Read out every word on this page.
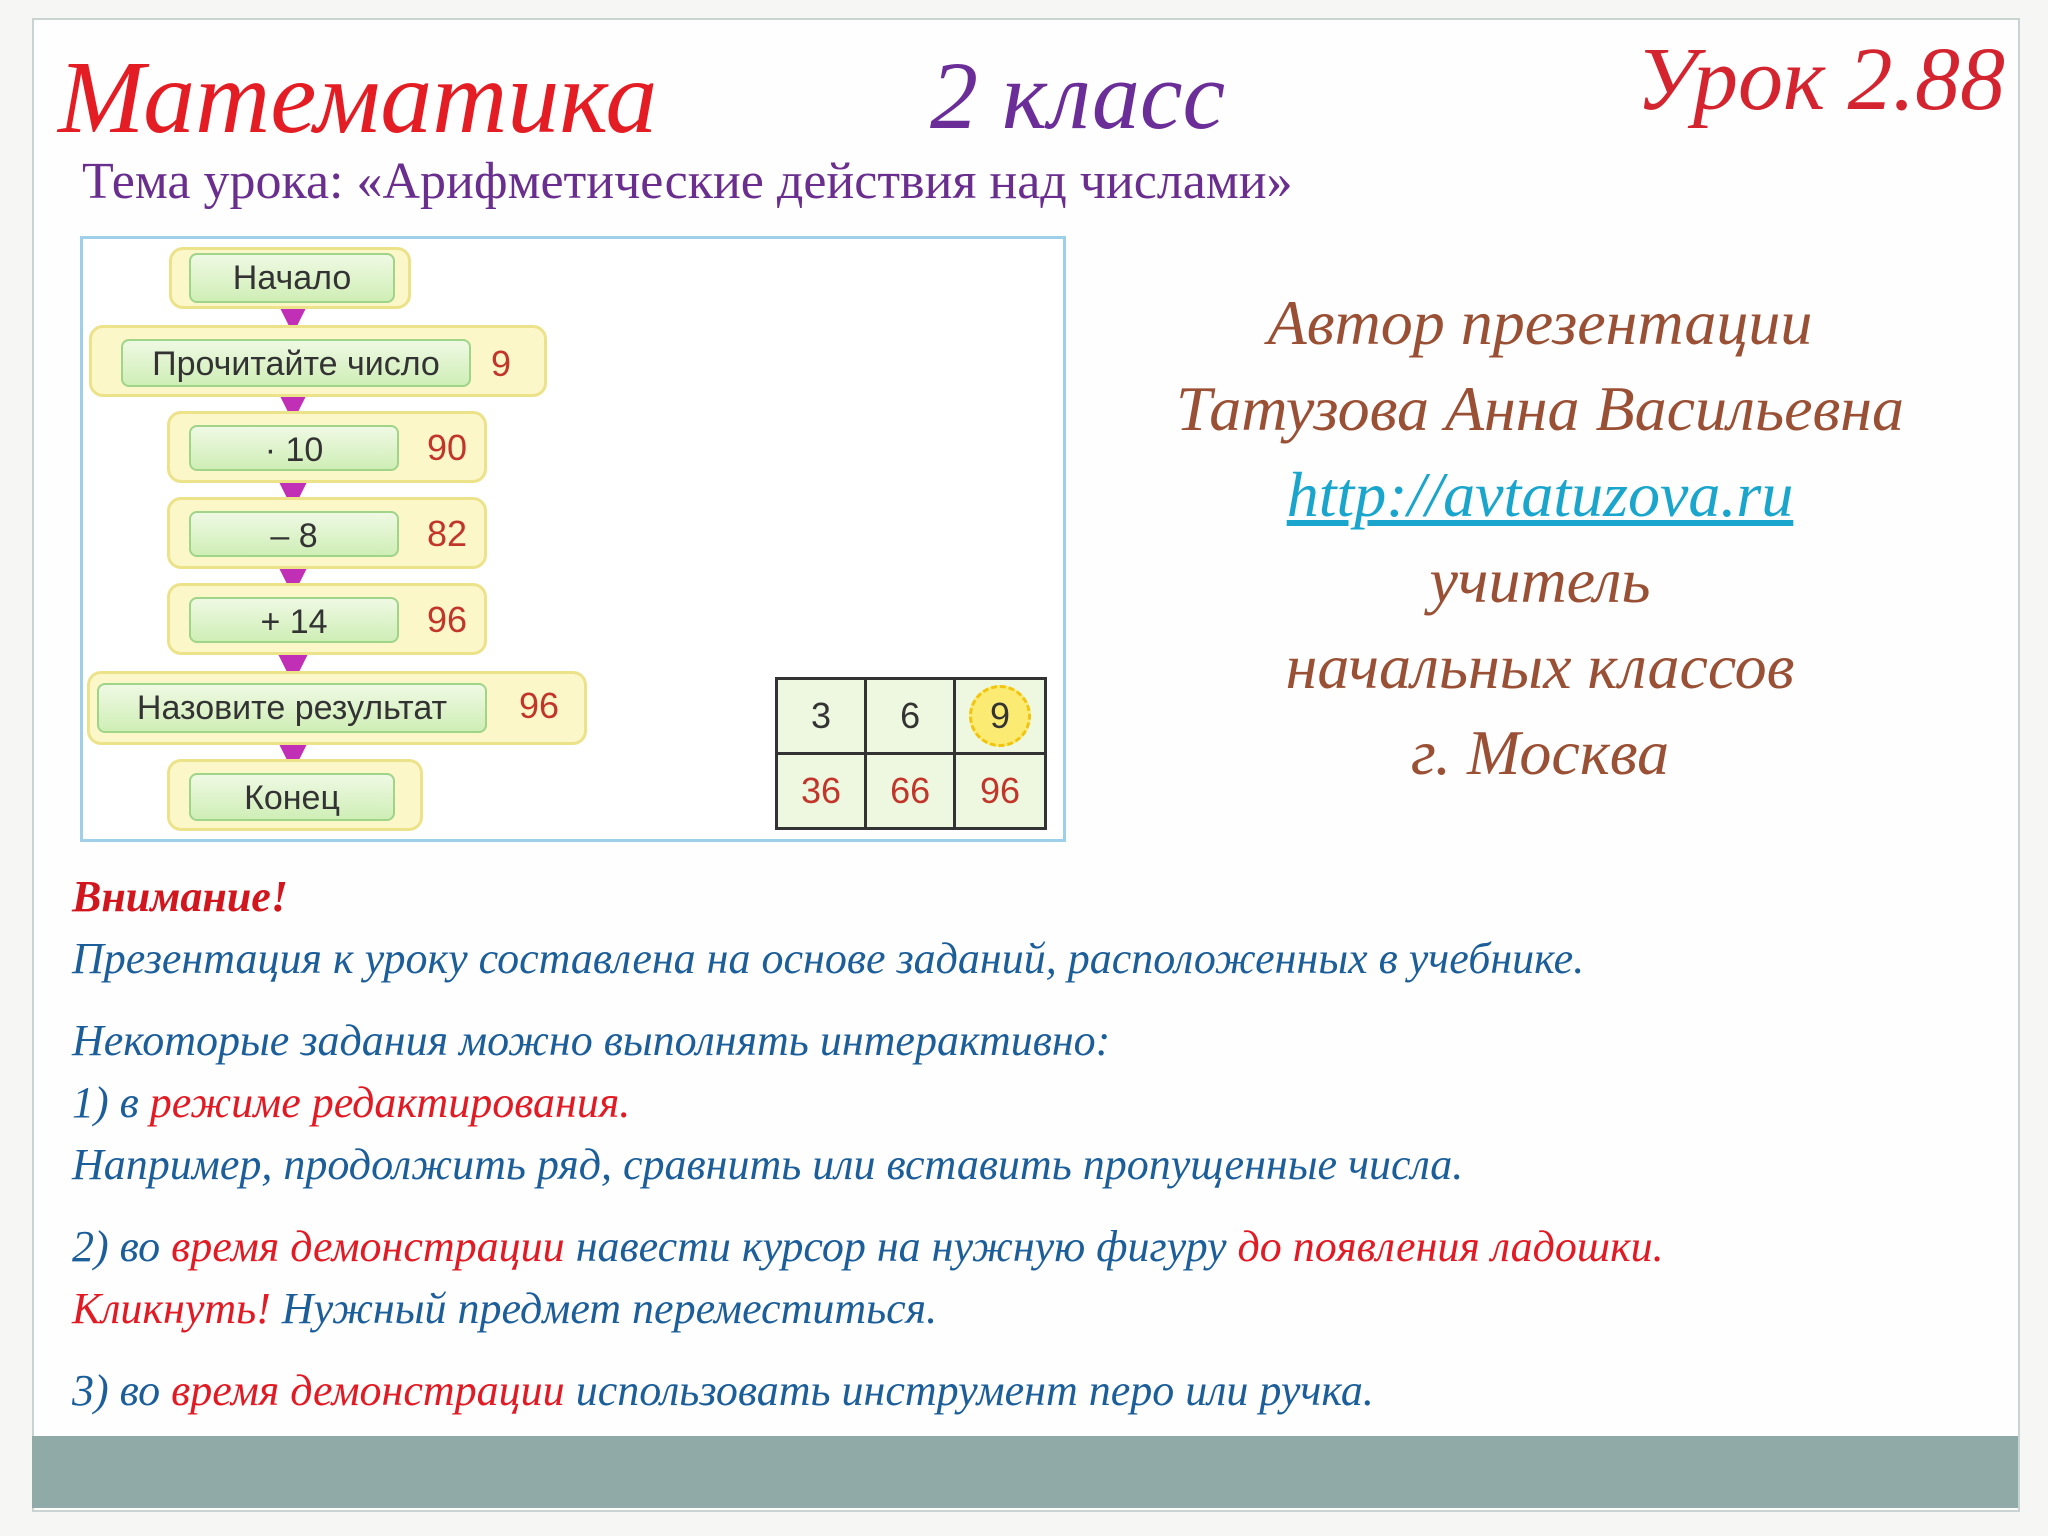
Математика	2 класс	Урок 2.88
Тема урока: «Арифметические действия над числами»
Начало
Прочитайте число	9
· 10	90
– 8	82
+ 14	96
Назовите результат	96
Конец
3	6	9
36	66	96
Автор презентации
Татузова Анна Васильевна
http://avtatuzova.ru
учитель
начальных классов
г. Москва
Внимание!
Презентация к уроку составлена на основе заданий, расположенных в учебнике.
Некоторые задания можно выполнять интерактивно:
1) в режиме редактирования.
Например, продолжить ряд, сравнить или вставить пропущенные числа.
2) во время демонстрации навести курсор на нужную фигуру до появления ладошки.
Кликнуть! Нужный предмет переместиться.
3) во время демонстрации использовать инструмент перо или ручка.
